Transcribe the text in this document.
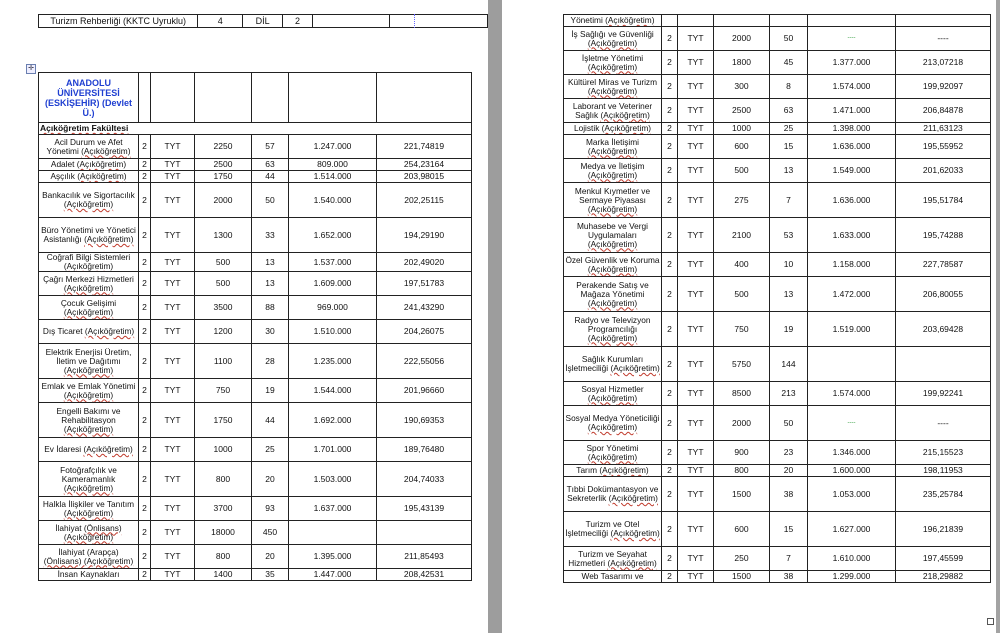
Turizm Rehberliği (KKTC Uyruklu)	4	DİL	2		
✛
ANADOLU ÜNİVERSİTESİ (ESKİŞEHİR) (Devlet Ü.)						
Açıköğretim Fakültesi						
Acil Durum ve Afet Yönetimi (Açıköğretim)	2	TYT	2250	57	1.247.000	221,74819
Adalet (Açıköğretim)	2	TYT	2500	63	809.000	254,23164
Aşçılık (Açıköğretim)	2	TYT	1750	44	1.514.000	203,98015
Bankacılık ve Sigortacılık (Açıköğretim)	2	TYT	2000	50	1.540.000	202,25115
Büro Yönetimi ve Yönetici Asistanlığı (Açıköğretim)	2	TYT	1300	33	1.652.000	194,29190
Coğrafi Bilgi Sistemleri (Açıköğretim)	2	TYT	500	13	1.537.000	202,49020
Çağrı Merkezi Hizmetleri (Açıköğretim)	2	TYT	500	13	1.609.000	197,51783
Çocuk Gelişimi (Açıköğretim)	2	TYT	3500	88	969.000	241,43290
Dış Ticaret (Açıköğretim)	2	TYT	1200	30	1.510.000	204,26075
Elektrik Enerjisi Üretim, İletim ve Dağıtımı (Açıköğretim)	2	TYT	1100	28	1.235.000	222,55056
Emlak ve Emlak Yönetimi (Açıköğretim)	2	TYT	750	19	1.544.000	201,96660
Engelli Bakımı ve Rehabilitasyon (Açıköğretim)	2	TYT	1750	44	1.692.000	190,69353
Ev İdaresi (Açıköğretim)	2	TYT	1000	25	1.701.000	189,76480
Fotoğrafçılık ve Kameramanlık (Açıköğretim)	2	TYT	800	20	1.503.000	204,74033
Halkla İlişkiler ve Tanıtım (Açıköğretim)	2	TYT	3700	93	1.637.000	195,43139
İlahiyat (Önlisans) (Açıköğretim)	2	TYT	18000	450		
İlahiyat (Arapça) (Önlisans) (Açıköğretim)	2	TYT	800	20	1.395.000	211,85493
İnsan Kaynakları	2	TYT	1400	35	1.447.000	208,42531
Yönetimi (Açıköğretim)						
İş Sağlığı ve Güvenliği (Açıköğretim)	2	TYT	2000	50	----	----
İşletme Yönetimi (Açıköğretim)	2	TYT	1800	45	1.377.000	213,07218
Kültürel Miras ve Turizm (Açıköğretim)	2	TYT	300	8	1.574.000	199,92097
Laborant ve Veteriner Sağlık (Açıköğretim)	2	TYT	2500	63	1.471.000	206,84878
Lojistik (Açıköğretim)	2	TYT	1000	25	1.398.000	211,63123
Marka İletişimi (Açıköğretim)	2	TYT	600	15	1.636.000	195,55952
Medya ve İletişim (Açıköğretim)	2	TYT	500	13	1.549.000	201,62033
Menkul Kıymetler ve Sermaye Piyasası (Açıköğretim)	2	TYT	275	7	1.636.000	195,51784
Muhasebe ve Vergi Uygulamaları (Açıköğretim)	2	TYT	2100	53	1.633.000	195,74288
Özel Güvenlik ve Koruma (Açıköğretim)	2	TYT	400	10	1.158.000	227,78587
Perakende Satış ve Mağaza Yönetimi (Açıköğretim)	2	TYT	500	13	1.472.000	206,80055
Radyo ve Televizyon Programcılığı (Açıköğretim)	2	TYT	750	19	1.519.000	203,69428
Sağlık Kurumları İşletmeciliği (Açıköğretim)	2	TYT	5750	144		
Sosyal Hizmetler (Açıköğretim)	2	TYT	8500	213	1.574.000	199,92241
Sosyal Medya Yöneticiliği (Açıköğretim)	2	TYT	2000	50	----	----
Spor Yönetimi (Açıköğretim)	2	TYT	900	23	1.346.000	215,15523
Tarım (Açıköğretim)	2	TYT	800	20	1.600.000	198,11953
Tıbbi Dokümantasyon ve Sekreterlik (Açıköğretim)	2	TYT	1500	38	1.053.000	235,25784
Turizm ve Otel İşletmeciliği (Açıköğretim)	2	TYT	600	15	1.627.000	196,21839
Turizm ve Seyahat Hizmetleri (Açıköğretim)	2	TYT	250	7	1.610.000	197,45599
Web Tasarımı ve	2	TYT	1500	38	1.299.000	218,29882
